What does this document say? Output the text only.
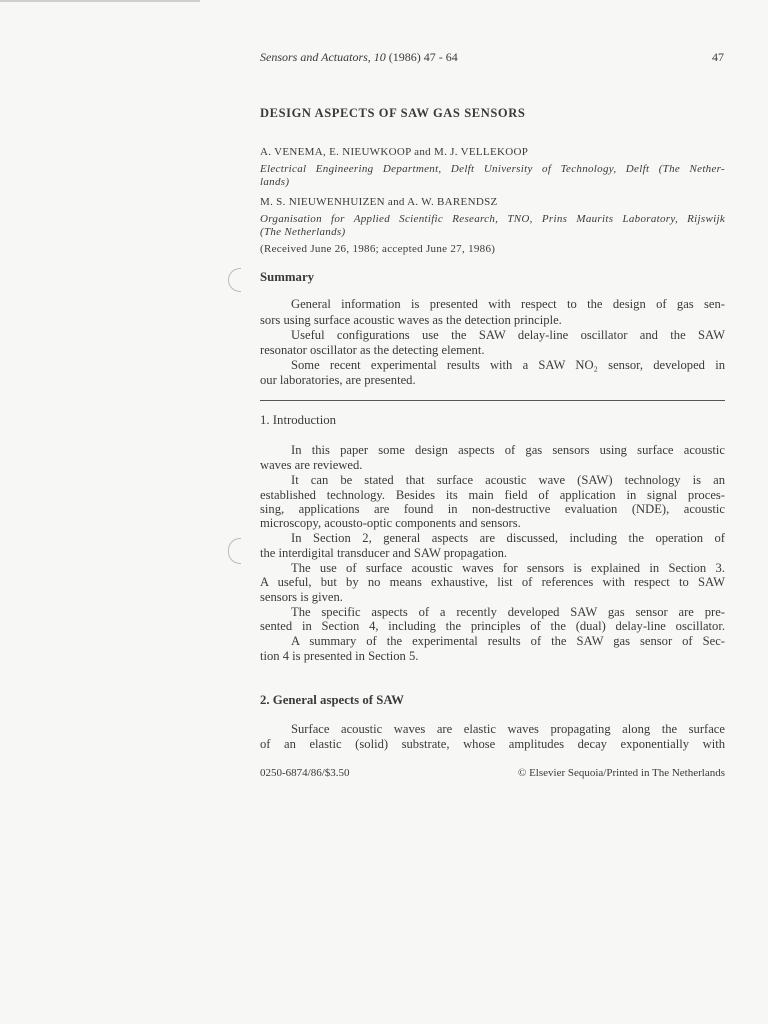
Sensors and Actuators, 10 (1986) 47 - 64	47
DESIGN ASPECTS OF SAW GAS SENSORS
A. VENEMA, E. NIEUWKOOP and M. J. VELLEKOOP
Electrical Engineering Department, Delft University of Technology, Delft (The Nether-
lands)
M. S. NIEUWENHUIZEN and A. W. BARENDSZ
Organisation for Applied Scientific Research, TNO, Prins Maurits Laboratory, Rijswijk
(The Netherlands)
(Received June 26, 1986; accepted June 27, 1986)
Summary
General information is presented with respect to the design of gas sen-
sors using surface acoustic waves as the detection principle.
Useful configurations use the SAW delay-line oscillator and the SAW
resonator oscillator as the detecting element.
Some recent experimental results with a SAW NO₂ sensor, developed in
our laboratories, are presented.
1. Introduction
In this paper some design aspects of gas sensors using surface acoustic
waves are reviewed.
It can be stated that surface acoustic wave (SAW) technology is an
established technology. Besides its main field of application in signal proces-
sing, applications are found in non-destructive evaluation (NDE), acoustic
microscopy, acousto-optic components and sensors.
In Section 2, general aspects are discussed, including the operation of
the interdigital transducer and SAW propagation.
The use of surface acoustic waves for sensors is explained in Section 3.
A useful, but by no means exhaustive, list of references with respect to SAW
sensors is given.
The specific aspects of a recently developed SAW gas sensor are pre-
sented in Section 4, including the principles of the (dual) delay-line oscillator.
A summary of the experimental results of the SAW gas sensor of Sec-
tion 4 is presented in Section 5.
2. General aspects of SAW
Surface acoustic waves are elastic waves propagating along the surface
of an elastic (solid) substrate, whose amplitudes decay exponentially with
0250-6874/86/$3.50	© Elsevier Sequoia/Printed in The Netherlands
